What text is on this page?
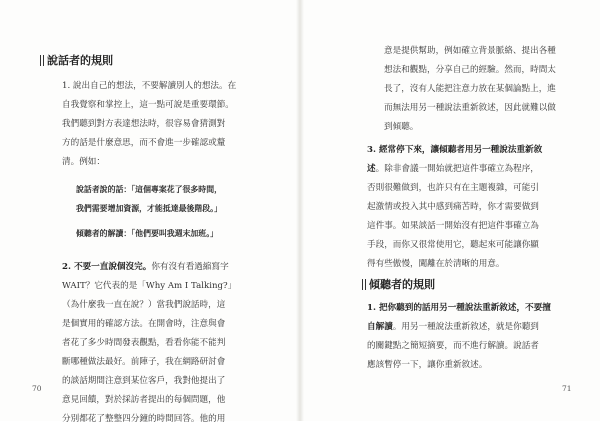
說話者的規則
1. 說出自己的想法，不要解讀別人的想法。在
自我覺察和掌控上，這一點可說是重要環節。
我們聽到對方表達想法時，很容易會猜測對
方的話是什麼意思，而不會進一步確認或釐
清。例如：
說話者說的話：「這個專案花了很多時間，
我們需要增加資源，才能抵達最後階段。」
傾聽者的解讀：「他們要叫我週末加班。」
2. 不要一直說個沒完。你有沒有看過縮寫字
WAIT？它代表的是「Why Am I Talking?」
（為什麼我一直在說？）當我們說話時，這
是個實用的確認方法。在開會時，注意與會
者花了多少時間發表觀點，看看你能不能判
斷哪種做法最好。前陣子，我在網路研討會
的談話期間注意到某位客戶，我對他提出了
意見回饋，對於採訪者提出的每個問題，他
分別都花了整整四分鐘的時間回答。他的用
70
意是提供幫助，例如確立背景脈絡、提出各種
想法和觀點，分享自己的經驗。然而，時間太
長了，沒有人能把注意力放在某個論點上，進
而無法用另一種說法重新敘述，因此就難以做
到傾聽。
3. 經常停下來，讓傾聽者用另一種說法重新敘
述。除非會議一開始就把這件事確立為程序，
否則很難做到，也許只有在主題複雜，可能引
起激情或投入其中感到痛苦時，你才需要做到
這件事。如果談話一開始沒有把這件事確立為
手段，而你又很常使用它，聽起來可能讓你顯
得有些傲慢，闖離在於清晰的用意。
傾聽者的規則
1. 把你聽到的話用另一種說法重新敘述，不要擅
自解讀。用另一種說法重新敘述，就是你聽到
的關鍵點之簡短摘要，而不進行解讀。說話者
應該暫停一下，讓你重新敘述。
71
